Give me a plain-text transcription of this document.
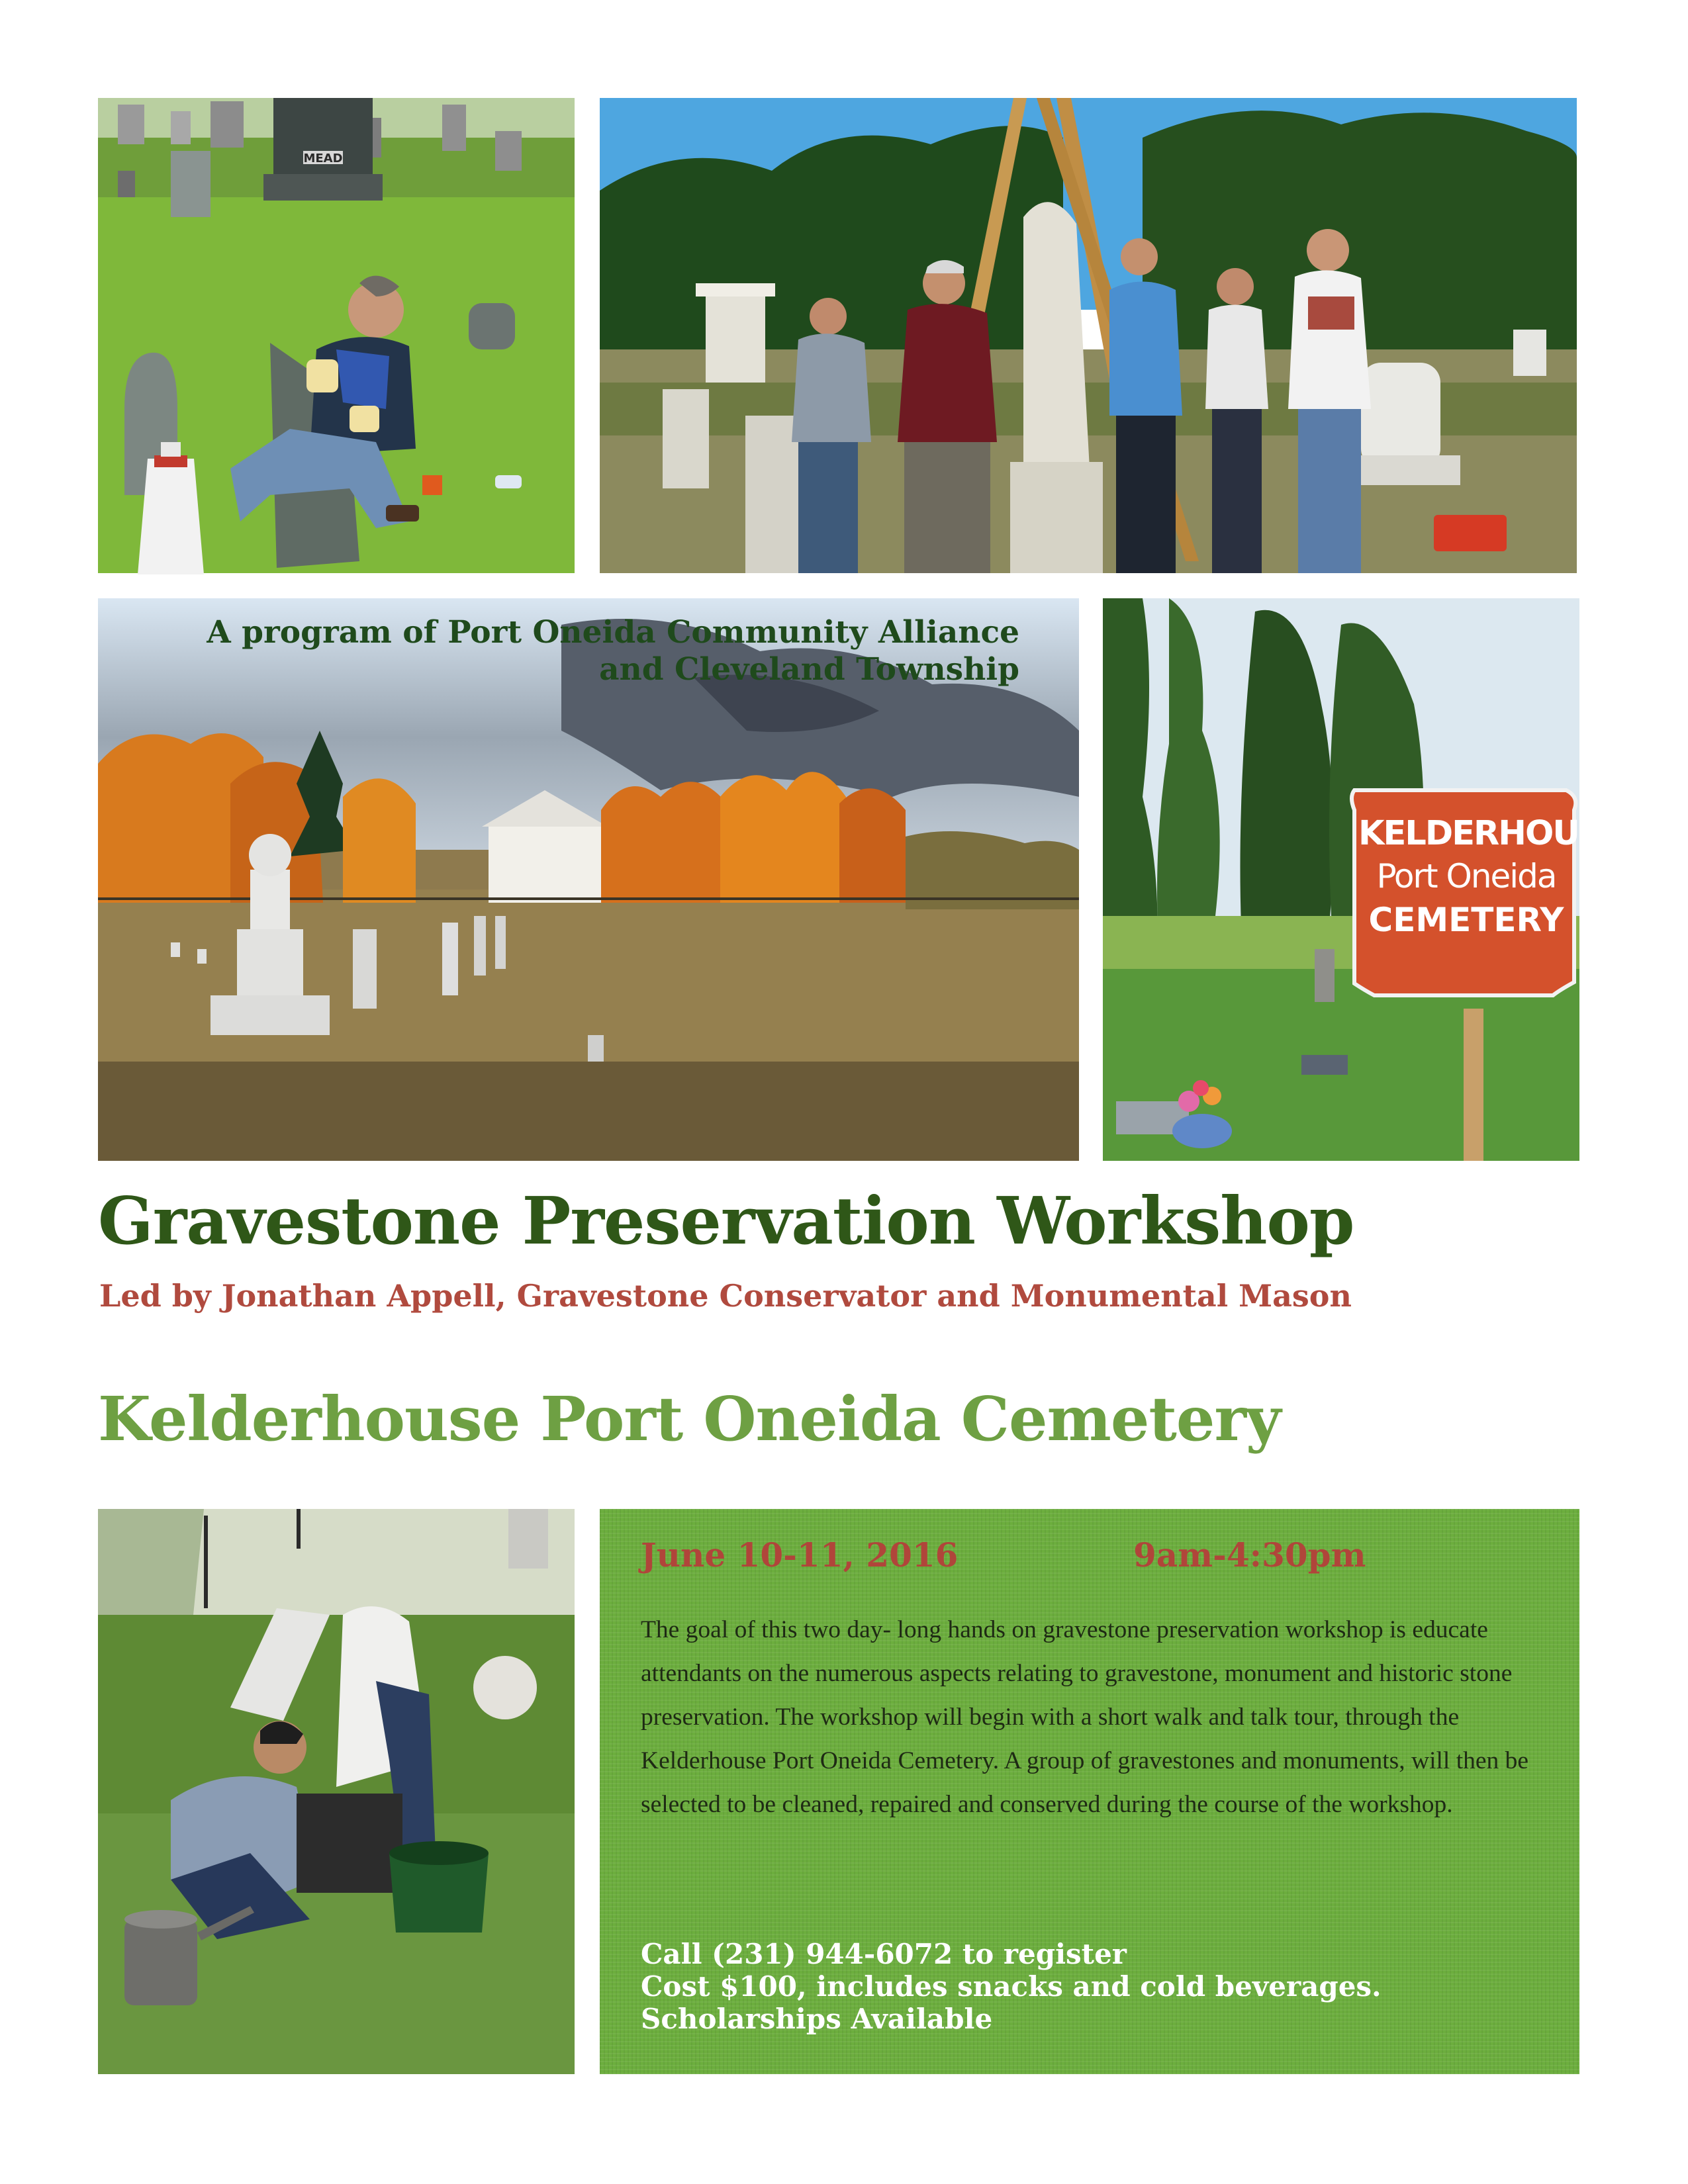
MEAD
A program of Port Oneida Community Alliance
and Cleveland Township
KELDERHOUSE
Port Oneida
CEMETERY
Gravestone Preservation Workshop
Led by Jonathan Appell, Gravestone Conservator and Monumental Mason
Kelderhouse Port Oneida Cemetery
June 10-11, 2016	9am-4:30pm
The goal of this two day- long hands on gravestone preservation workshop is educate attendants on the numerous aspects relating to gravestone, monument and historic stone preservation. The workshop will begin with a short walk and talk tour, through the Kelderhouse Port Oneida Cemetery. A group of gravestones and monuments, will then be selected to be cleaned, repaired and conserved during the course of the workshop.
Call (231) 944-6072 to register
Cost $100, includes snacks and cold beverages.
Scholarships Available
